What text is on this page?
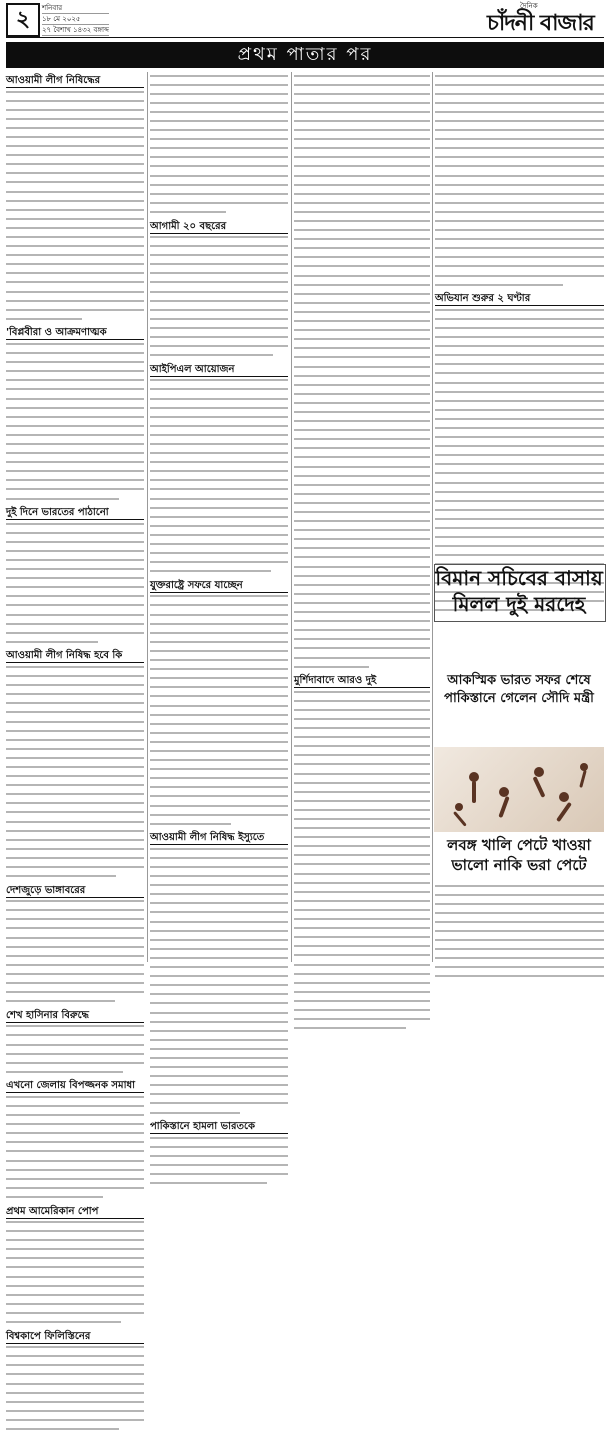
২	শনিবার
১৮ মে ২০২৫
২৭ বৈশাখ ১৪৩২ বঙ্গাব্দ
দৈনিক
চাঁদনী বাজার
প্রথম পাতার পর
আওয়ামী লীগ নিষিদ্ধের
'বিপ্লবীরা ও আক্রমণাত্মক
দুই দিনে ভারতের পাঠানো
আওয়ামী লীগ নিষিদ্ধ হবে কি
দেশজুড়ে ভাঙ্গাবরের
শেখ হাসিনার বিরুদ্ধে
এখনো জেলায় বিপজ্জনক সমাধা
প্রথম আমেরিকান পোপ
বিশ্বকাপে ফিলিস্তিনের
আগামী ২০ বছরের
আইপিএল আয়োজন
যুক্তরাষ্ট্রে সফরে যাচ্ছেন
আওয়ামী লীগ নিষিদ্ধ ইস্যুতে
পাকিস্তানে হামলা ভারতকে
মুর্শিদাবাদে আরও দুই
অভিযান শুরুর ২ ঘণ্টার
বিমান সচিবের বাসায় মিলল দুই মরদেহ
আকস্মিক ভারত সফর শেষে পাকিস্তানে গেলেন সৌদি মন্ত্রী
লবঙ্গ খালি পেটে খাওয়া ভালো নাকি ভরা পেটে
